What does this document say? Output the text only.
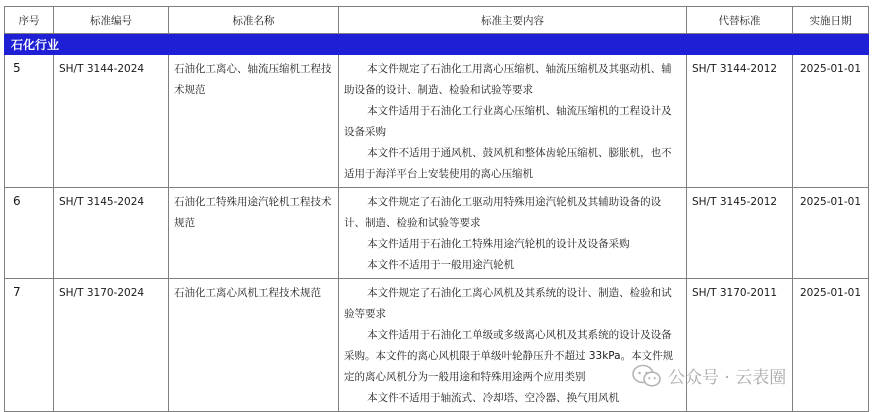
序号	标准编号	标准名称	标准主要内容	代替标准	实施日期
石化行业					
5	SH/T 3144-2024	石油化工离心、轴流压缩机工程技术规范	本文件规定了石油化工用离心压缩机、轴流压缩机及其驱动机、辅助设备的设计、制造、检验和试验等要求

本文件适用于石油化工行业离心压缩机、轴流压缩机的工程设计及设备采购

本文件不适用于通风机、鼓风机和整体齿轮压缩机、膨胀机，也不适用于海洋平台上安装使用的离心压缩机	SH/T 3144-2012	2025-01-01
6	SH/T 3145-2024	石油化工特殊用途汽轮机工程技术规范	本文件规定了石油化工驱动用特殊用途汽轮机及其辅助设备的设计、制造、检验和试验等要求

本文件适用于石油化工特殊用途汽轮机的设计及设备采购

本文件不适用于一般用途汽轮机	SH/T 3145-2012	2025-01-01
7	SH/T 3170-2024	石油化工离心风机工程技术规范	本文件规定了石油化工离心风机及其系统的设计、制造、检验和试验等要求

本文件适用于石油化工单级或多级离心风机及其系统的设计及设备采购。本文件的离心风机限于单级叶轮静压升不超过 33kPa。本文件规定的离心风机分为一般用途和特殊用途两个应用类别

本文件不适用于轴流式、冷却塔、空冷器、换气用风机	SH/T 3170-2011	2025-01-01
公众号 · 云表圈
